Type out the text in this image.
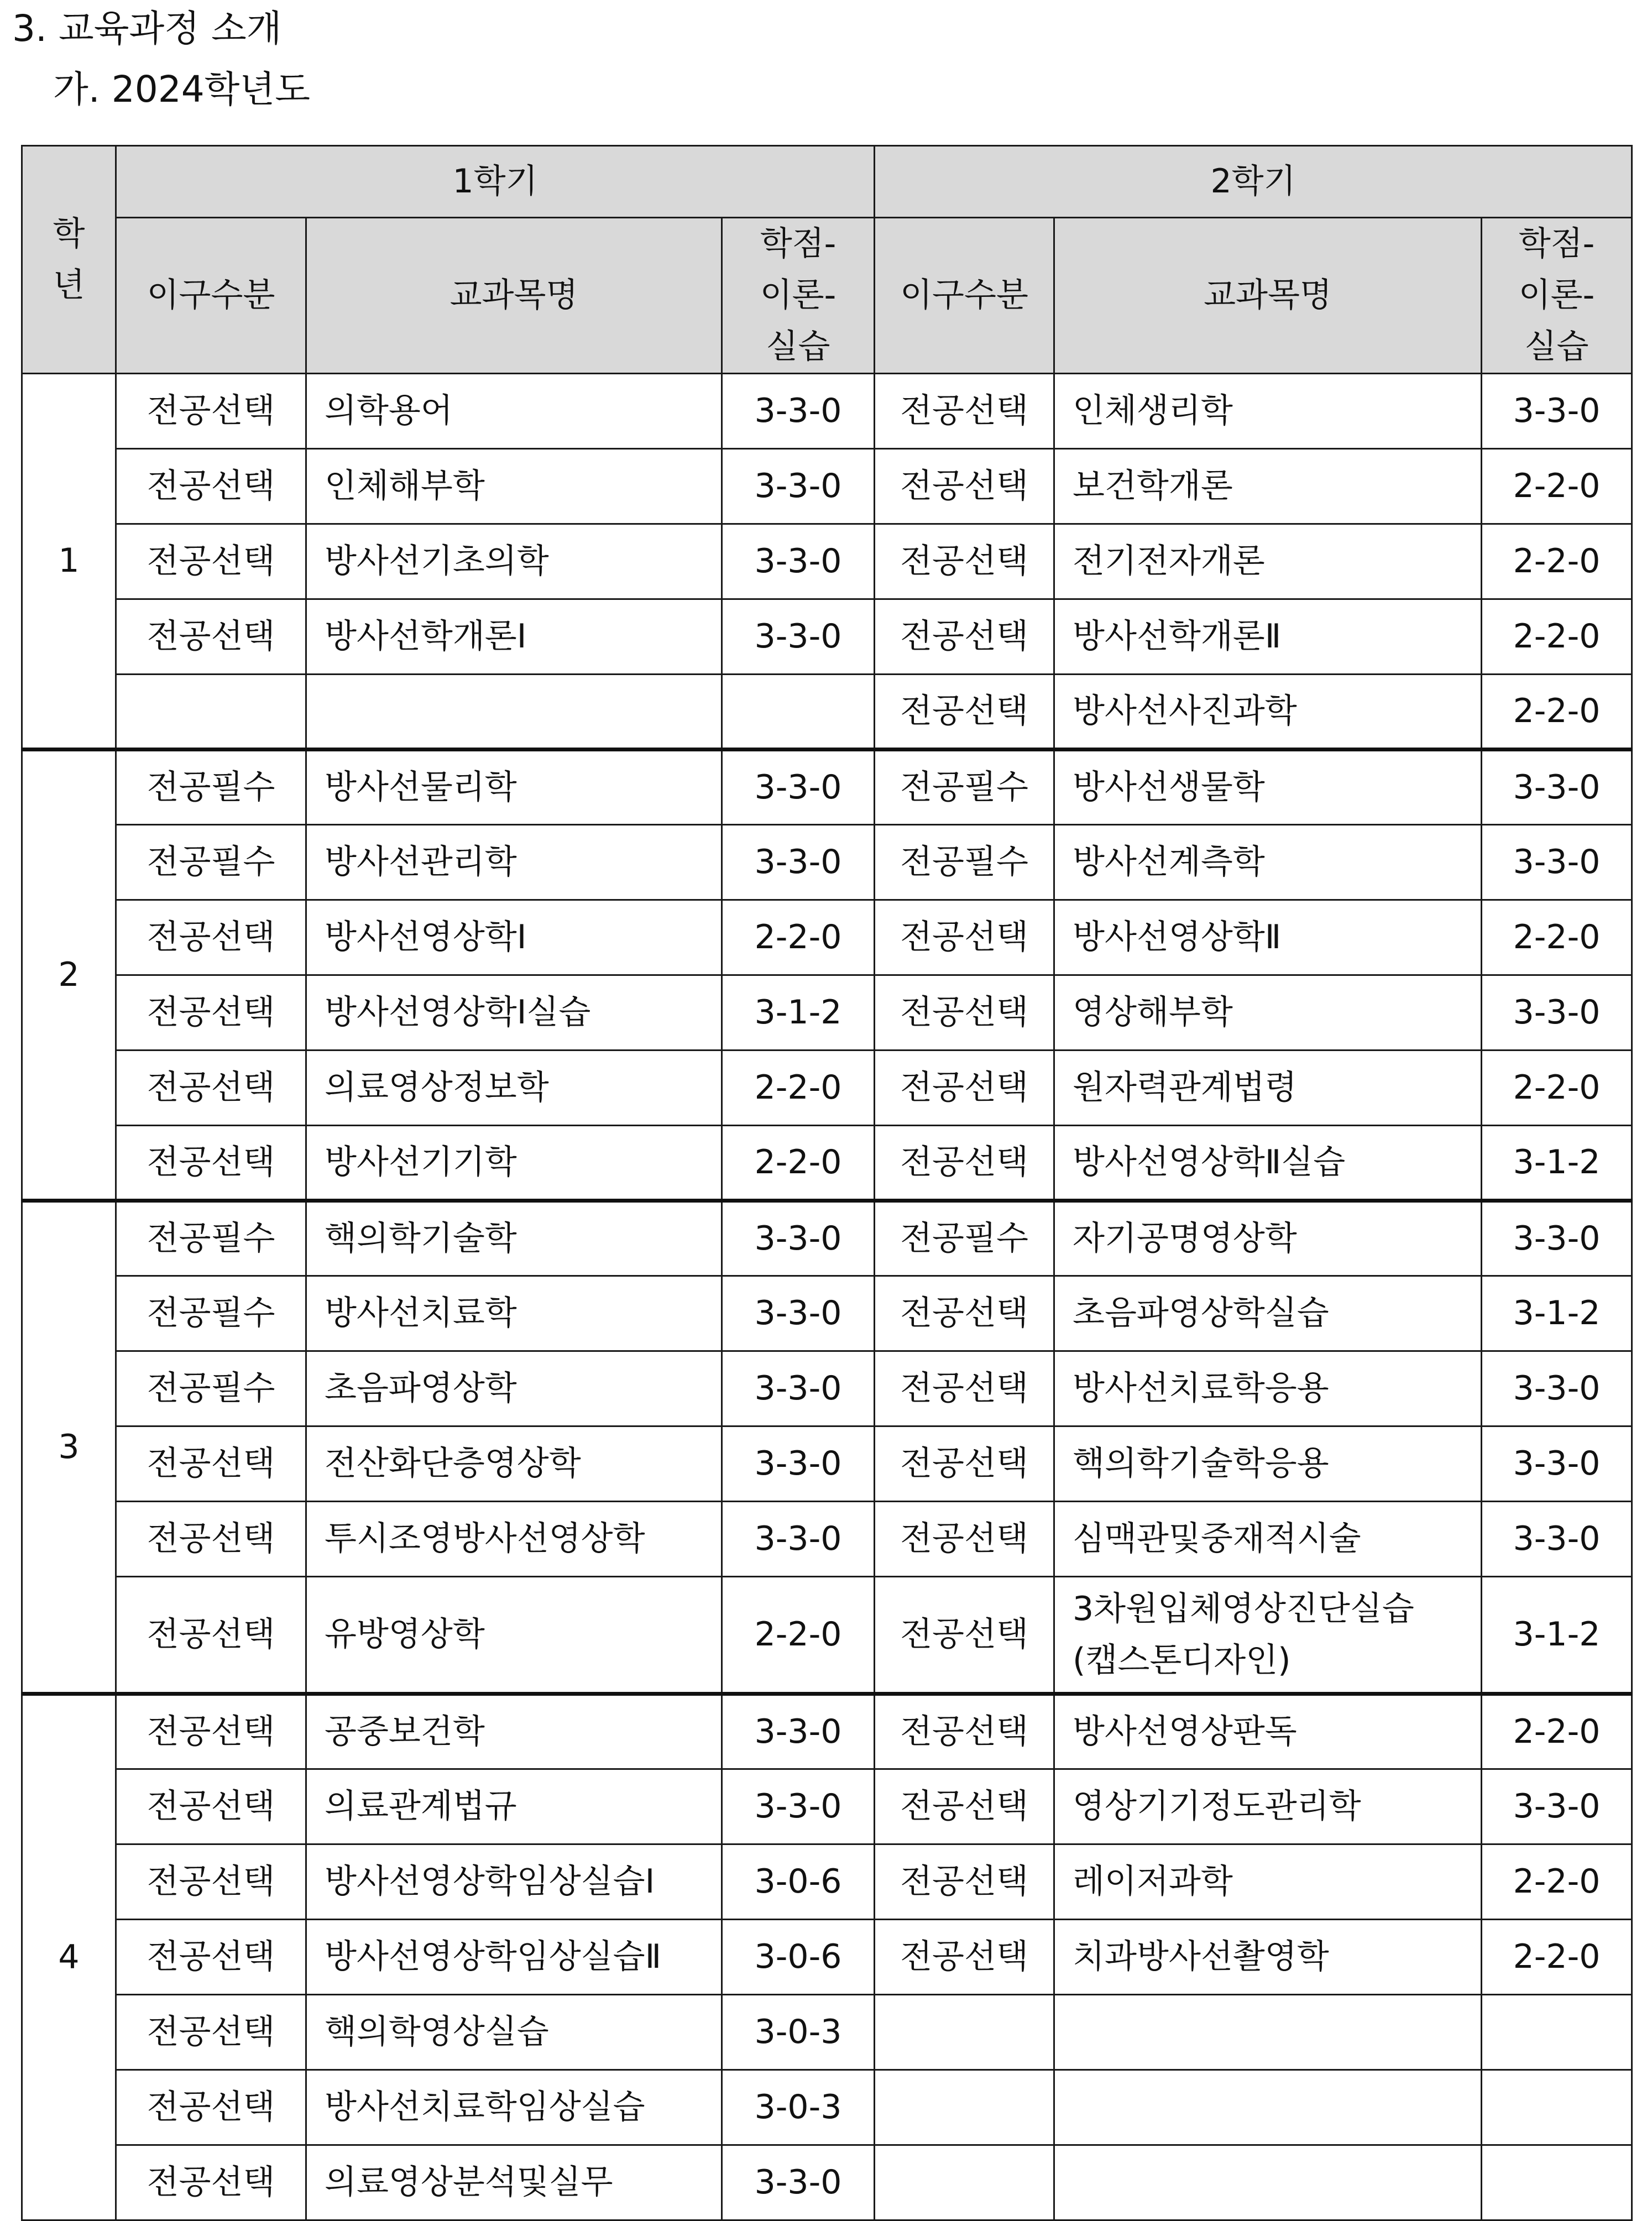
3. 교육과정 소개
가. 2024학년도
학
년	1학기			2학기		
	이구수분	교과목명	학점-
이론-
실습	이구수분	교과목명	학점-
이론-
실습
1	전공선택	의학용어	3-3-0	전공선택	인체생리학	3-3-0
	전공선택	인체해부학	3-3-0	전공선택	보건학개론	2-2-0
	전공선택	방사선기초의학	3-3-0	전공선택	전기전자개론	2-2-0
	전공선택	방사선학개론Ⅰ	3-3-0	전공선택	방사선학개론Ⅱ	2-2-0
				전공선택	방사선사진과학	2-2-0
2	전공필수	방사선물리학	3-3-0	전공필수	방사선생물학	3-3-0
	전공필수	방사선관리학	3-3-0	전공필수	방사선계측학	3-3-0
	전공선택	방사선영상학Ⅰ	2-2-0	전공선택	방사선영상학Ⅱ	2-2-0
	전공선택	방사선영상학Ⅰ실습	3-1-2	전공선택	영상해부학	3-3-0
	전공선택	의료영상정보학	2-2-0	전공선택	원자력관계법령	2-2-0
	전공선택	방사선기기학	2-2-0	전공선택	방사선영상학Ⅱ실습	3-1-2
3	전공필수	핵의학기술학	3-3-0	전공필수	자기공명영상학	3-3-0
	전공필수	방사선치료학	3-3-0	전공선택	초음파영상학실습	3-1-2
	전공필수	초음파영상학	3-3-0	전공선택	방사선치료학응용	3-3-0
	전공선택	전산화단층영상학	3-3-0	전공선택	핵의학기술학응용	3-3-0
	전공선택	투시조영방사선영상학	3-3-0	전공선택	심맥관및중재적시술	3-3-0
	전공선택	유방영상학	2-2-0	전공선택	3차원입체영상진단실습
(캡스톤디자인)	3-1-2
4	전공선택	공중보건학	3-3-0	전공선택	방사선영상판독	2-2-0
	전공선택	의료관계법규	3-3-0	전공선택	영상기기정도관리학	3-3-0
	전공선택	방사선영상학임상실습Ⅰ	3-0-6	전공선택	레이저과학	2-2-0
	전공선택	방사선영상학임상실습Ⅱ	3-0-6	전공선택	치과방사선촬영학	2-2-0
	전공선택	핵의학영상실습	3-0-3			
	전공선택	방사선치료학임상실습	3-0-3			
	전공선택	의료영상분석및실무	3-3-0			
